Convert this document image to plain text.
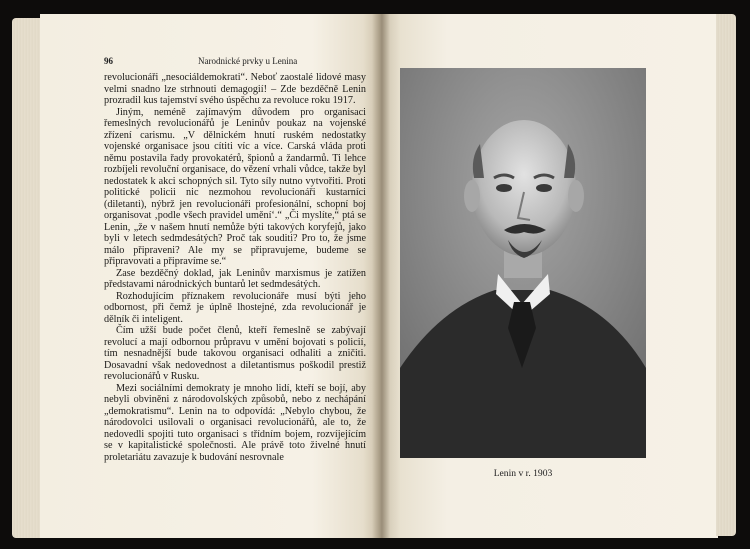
96	Narodnické prvky u Lenina

revolucionáři „nesociáldemokrati“. Neboť zaostalé lidové masy velmi snadno lze strhnouti demagogií! – Zde bezděčně Lenin prozradil kus tajemství svého úspěchu za revoluce roku 1917.

Jiným, neméně zajímavým důvodem pro organisaci řemeslných revolucionářů je Leninův poukaz na vojenské zřízení carismu. „V dělnickém hnutí ruském nedostatky vojenské organisace jsou cítiti víc a více. Carská vláda proti němu postavila řady provokatérů, špionů a žandarmů. Ti lehce rozbíjeli revoluční organisace, do vězení vrhali vůdce, takže byl nedostatek k akci schopných sil. Tyto síly nutno vytvořiti. Proti politické policii nic nezmohou revolucionáři kustarníci (diletanti), nýbrž jen revolucionáři profesionální, schopní boj organisovat ‚podle všech pravidel umění‘.“ „Či myslíte,“ ptá se Lenin, „že v našem hnutí nemůže býti takových koryfejů, jako byli v letech sedmdesátých? Proč tak souditi? Pro to, že jsme málo připraveni? Ale my se připravujeme, budeme se připravovati a připravíme se.“

Zase bezděčný doklad, jak Leninův marxismus je zatížen představami národnických buntarů let sedmdesátých.

Rozhodujícím příznakem revolucionáře musí býti jeho odbornost, při čemž je úplně lhostejné, zda revolucionář je dělník či inteligent.

Čím užší bude počet členů, kteří řemeslně se zabývají revolucí a mají odbornou průpravu v umění bojovati s policií, tím nesnadnější bude takovou organisaci odhaliti a zničiti. Dosavadní však nedovednost a diletantismus poškodil prestiž revolucionářů v Rusku.

Mezi sociálními demokraty je mnoho lidí, kteří se bojí, aby nebyli obviněni z národovolských způsobů, nebo z nechápání „demokratismu“. Lenin na to odpovídá: „Nebylo chybou, že národovolci usilovali o organisaci revolucionářů, ale to, že nedovedli spojiti tuto organisaci s třídním bojem, rozvíjejícím se v kapitalistické společnosti. Ale právě toto živelné hnutí proletariátu zavazuje k budování nesrovnale

Lenin v r. 1903
